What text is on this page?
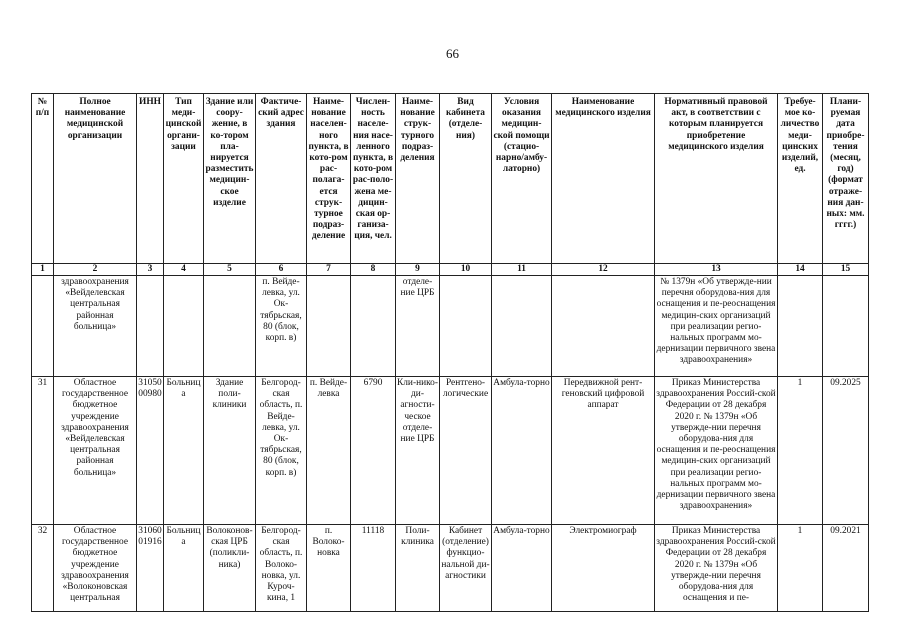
66
№ п/п	Полное наименование медицинской организации	ИНН	Тип меди-цинской органи-зации	Здание или соору-жение, в ко-тором пла-нируется разместить медицин-ское изделие	Фактиче-ский адрес здания	Наиме-нование населен-ного пункта, в кото-ром рас-полага-ется струк-турное подраз-деление	Числен-ность населе-ния насе-ленного пункта, в кото-ром рас-поло-жена ме-дицин-ская ор-ганиза-ция, чел.	Наиме-нование струк-турного подраз-деления	Вид кабинета (отделе-ния)	Условия оказания медицин-ской помощи (стацио-нарно/амбу-латорно)	Наименование медицинского изделия	Нормативный правовой акт, в соответствии с которым планируется приобретение медицинского изделия	Требуе-мое ко-личество меди-цинских изделий, ед.	Плани-руемая дата приобре-тения (месяц, год) (формат отраже-ния дан-ных: мм. гггг.)
1	2	3	4	5	6	7	8	9	10	11	12	13	14	15
	здравоохранения «Вейделевская центральная районная больница»				п. Вейде-левка, ул. Ок-тябрьская, 80 (блок, корп. в)			отделе-ние ЦРБ				№ 1379н «Об утвержде-нии перечня оборудова-ния для оснащения и пе-реоснащения медицин-ских организаций при реализации регио-нальных программ мо-дернизации первичного звена здравоохранения»		
31	Областное государственное бюджетное учреждение здравоохранения «Вейделевская центральная районная больница»	31050 00980	Больница	Здание поли-клиники	Белгород-ская область, п. Вейде-левка, ул. Ок-тябрьская, 80 (блок, корп. в)	п. Вейде-левка	6790	Кли-нико-ди-агности-ческое отделе-ние ЦРБ	Рентгено-логические	Амбула-торно	Передвижной рент-геновский цифровой аппарат	Приказ Министерства здравоохранения Россий-ской Федерации от 28 декабря 2020 г. № 1379н «Об утвержде-нии перечня оборудова-ния для оснащения и пе-реоснащения медицин-ских организаций при реализации регио-нальных программ мо-дернизации первичного звена здравоохранения»	1	09.2025
32	Областное государственное бюджетное учреждение здравоохранения «Волоконовская центральная	31060 01916	Больница	Волоконов-ская ЦРБ (поликли-ника)	Белгород-ская область, п. Волоко-новка, ул. Куроч-кина, 1	п. Волоко-новка	11118	Поли-клиника	Кабинет (отделение) функцио-нальной ди-агностики	Амбула-торно	Электромиограф	Приказ Министерства здравоохранения Россий-ской Федерации от 28 декабря 2020 г. № 1379н «Об утвержде-нии перечня оборудова-ния для оснащения и пе-	1	09.2021
